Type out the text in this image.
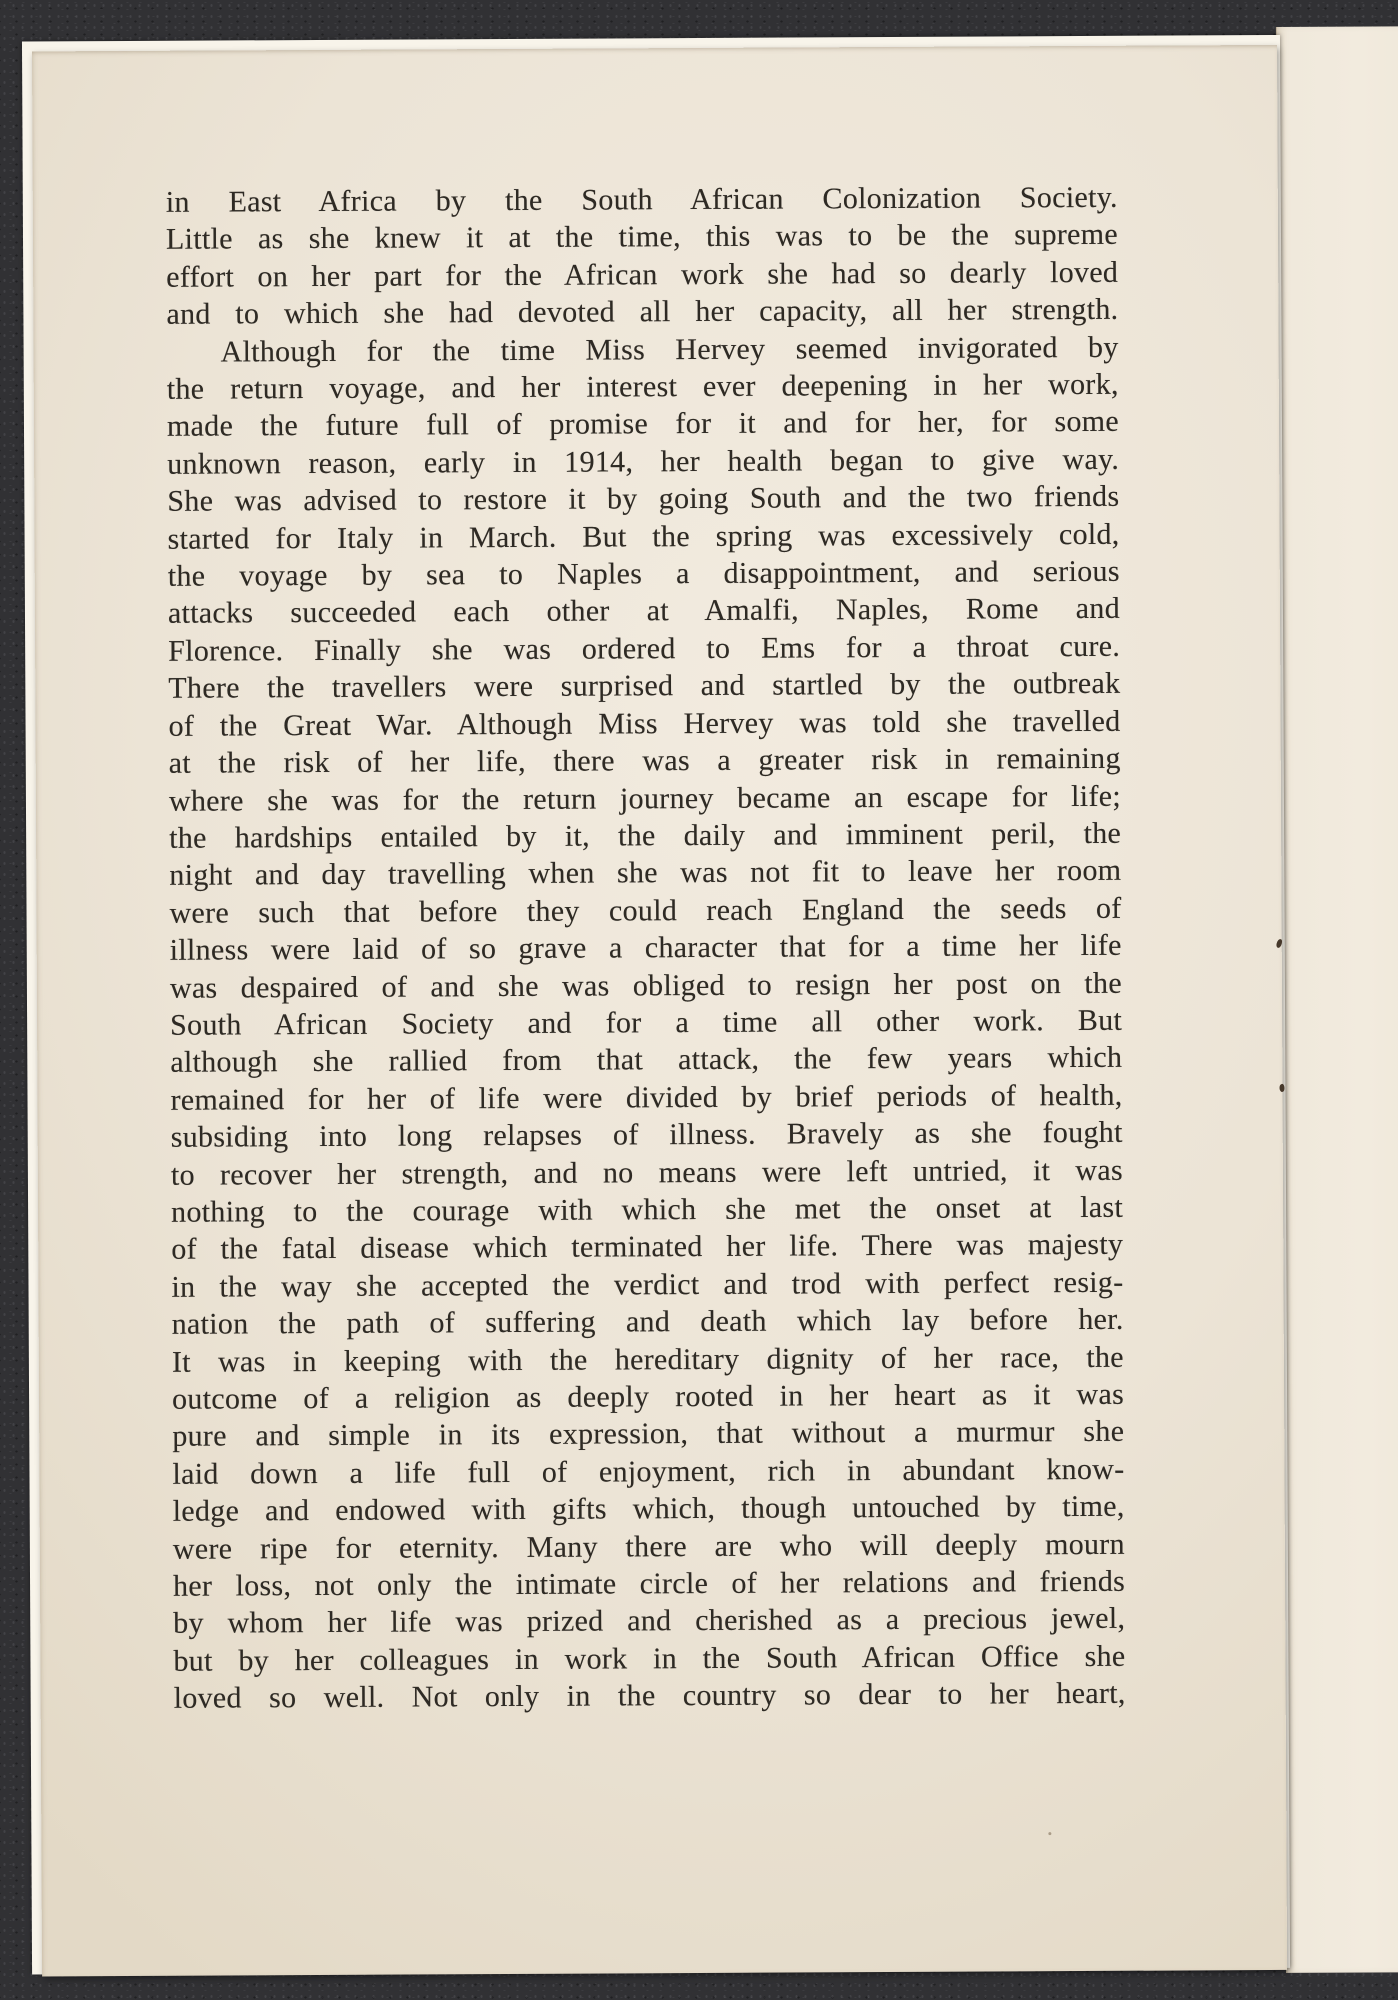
in East Africa by the South African Colonization Society.
Little as she knew it at the time, this was to be the supreme
effort on her part for the African work she had so dearly loved
and to which she had devoted all her capacity, all her strength.
Although for the time Miss Hervey seemed invigorated by
the return voyage, and her interest ever deepening in her work,
made the future full of promise for it and for her, for some
unknown reason, early in 1914, her health began to give way.
She was advised to restore it by going South and the two friends
started for Italy in March. But the spring was excessively cold,
the voyage by sea to Naples a disappointment, and serious
attacks succeeded each other at Amalfi, Naples, Rome and
Florence. Finally she was ordered to Ems for a throat cure.
There the travellers were surprised and startled by the outbreak
of the Great War. Although Miss Hervey was told she travelled
at the risk of her life, there was a greater risk in remaining
where she was for the return journey became an escape for life;
the hardships entailed by it, the daily and imminent peril, the
night and day travelling when she was not fit to leave her room
were such that before they could reach England the seeds of
illness were laid of so grave a character that for a time her life
was despaired of and she was obliged to resign her post on the
South African Society and for a time all other work. But
although she rallied from that attack, the few years which
remained for her of life were divided by brief periods of health,
subsiding into long relapses of illness. Bravely as she fought
to recover her strength, and no means were left untried, it was
nothing to the courage with which she met the onset at last
of the fatal disease which terminated her life. There was majesty
in the way she accepted the verdict and trod with perfect resig-
nation the path of suffering and death which lay before her.
It was in keeping with the hereditary dignity of her race, the
outcome of a religion as deeply rooted in her heart as it was
pure and simple in its expression, that without a murmur she
laid down a life full of enjoyment, rich in abundant know-
ledge and endowed with gifts which, though untouched by time,
were ripe for eternity. Many there are who will deeply mourn
her loss, not only the intimate circle of her relations and friends
by whom her life was prized and cherished as a precious jewel,
but by her colleagues in work in the South African Office she
loved so well. Not only in the country so dear to her heart,
